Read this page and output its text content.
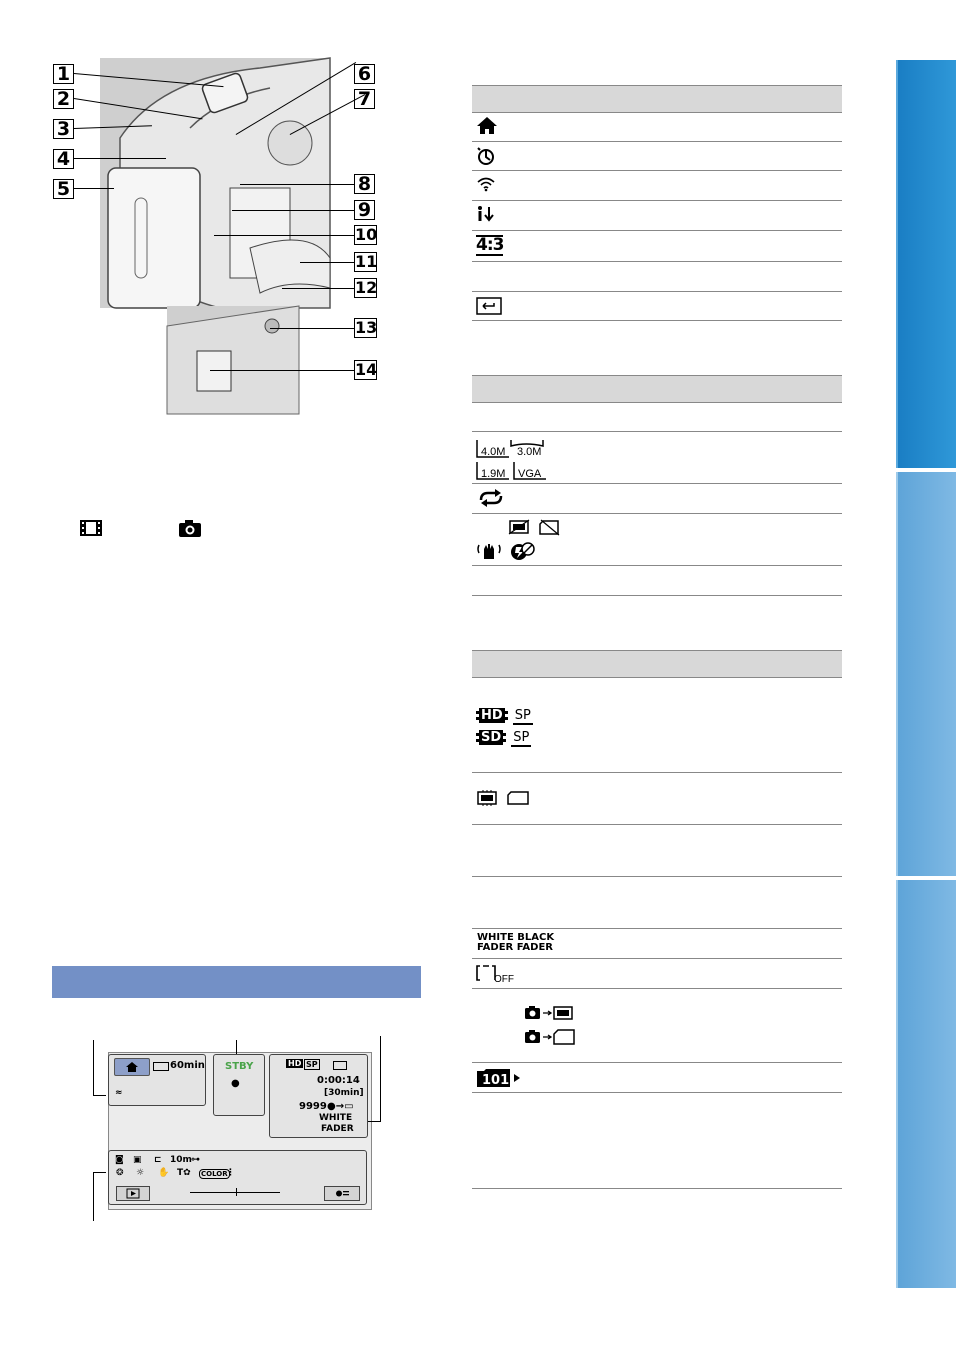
1
2
3
4
5
6
7
8
9
10
11
12
13
14
60min
≈
STBY
●
HD SP
0:00:14
[30min]
9999 ●→▭
WHITE
FADER
◙ ▣ ⊏ 10m ⊶
❂ ☼ ✋ T✿ COLOR
⋮
4:3
4.0M 3.0M
1.9M VGA
HD SP
SD SP
WHITE BLACK
FADER FADER
OFF
101
